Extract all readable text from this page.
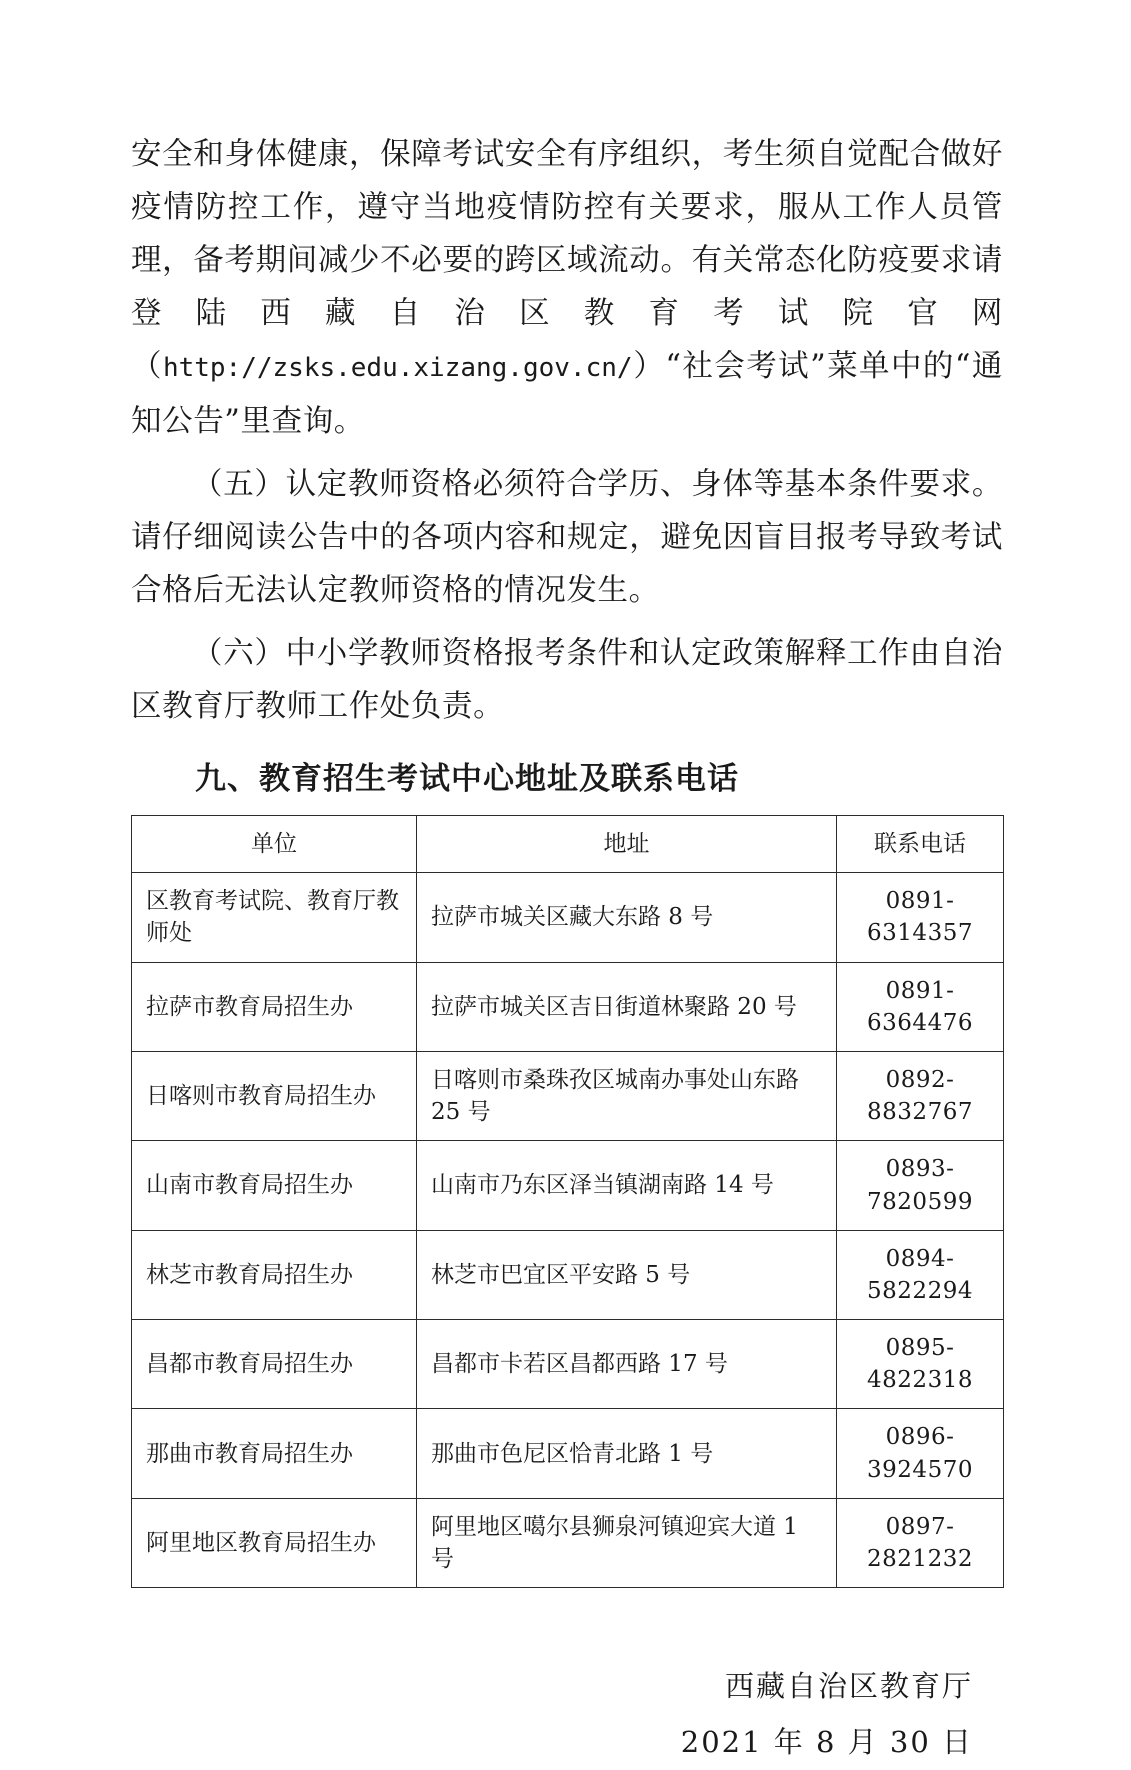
安全和身体健康，保障考试安全有序组织，考生须自觉配合做好疫情防控工作，遵守当地疫情防控有关要求，服从工作人员管理，备考期间减少不必要的跨区域流动。有关常态化防疫要求请登陆西藏自治区教育考试院官网（http://zsks.edu.xizang.gov.cn/）“社会考试”菜单中的“通知公告”里查询。

（五）认定教师资格必须符合学历、身体等基本条件要求。请仔细阅读公告中的各项内容和规定，避免因盲目报考导致考试合格后无法认定教师资格的情况发生。

（六）中小学教师资格报考条件和认定政策解释工作由自治区教育厅教师工作处负责。

九、教育招生考试中心地址及联系电话
单位	地址	联系电话
区教育考试院、教育厅教师处	拉萨市城关区藏大东路 8 号	0891-6314357
拉萨市教育局招生办	拉萨市城关区吉日街道林聚路 20 号	0891-6364476
日喀则市教育局招生办	日喀则市桑珠孜区城南办事处山东路 25 号	0892-8832767
山南市教育局招生办	山南市乃东区泽当镇湖南路 14 号	0893-7820599
林芝市教育局招生办	林芝市巴宜区平安路 5 号	0894-5822294
昌都市教育局招生办	昌都市卡若区昌都西路 17 号	0895-4822318
那曲市教育局招生办	那曲市色尼区恰青北路 1 号	0896-3924570
阿里地区教育局招生办	阿里地区噶尔县狮泉河镇迎宾大道 1 号	0897-2821232
西藏自治区教育厅
2021 年 8 月 30 日
